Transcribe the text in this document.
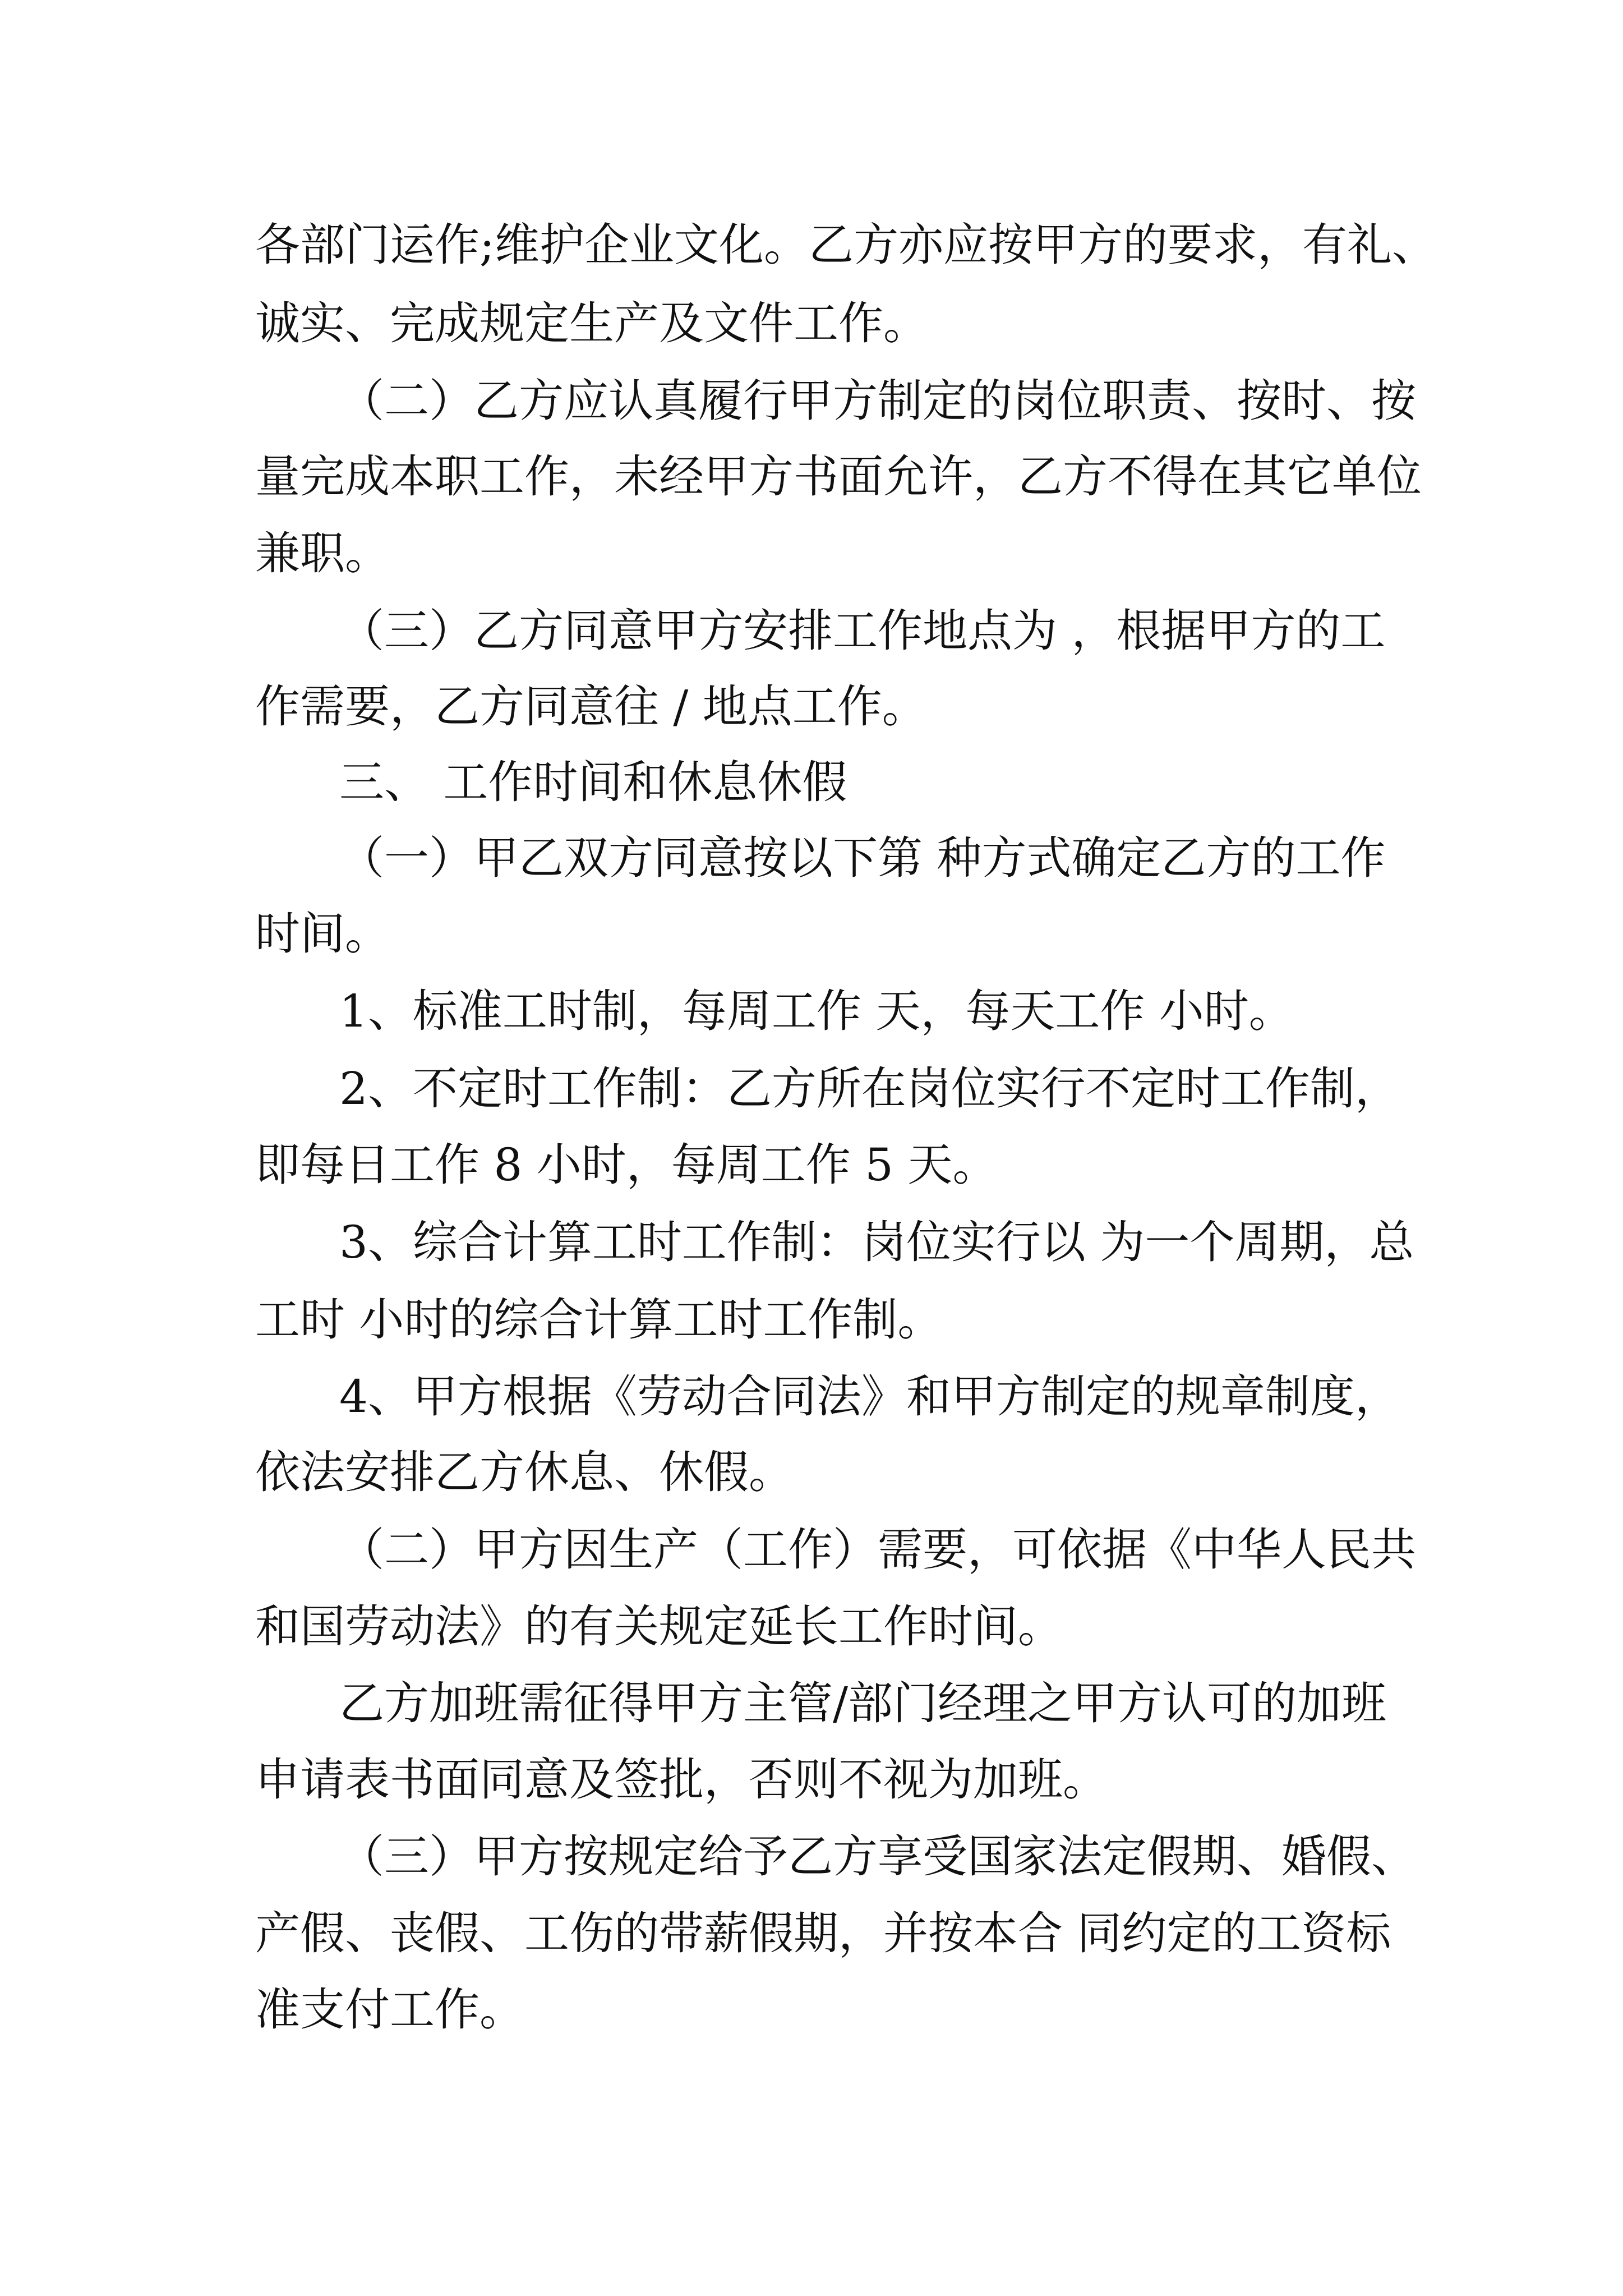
各部门运作;维护企业文化。乙方亦应按甲方的要求，有礼、

诚实、完成规定生产及文件工作。

（二）乙方应认真履行甲方制定的岗位职责、按时、按

量完成本职工作，未经甲方书面允许，乙方不得在其它单位

兼职。

（三）乙方同意甲方安排工作地点为 ，根据甲方的工

作需要，乙方同意往 / 地点工作。

三、 工作时间和休息休假

（一）甲乙双方同意按以下第 种方式确定乙方的工作

时间。

1、标准工时制，每周工作 天，每天工作 小时。

2、不定时工作制：乙方所在岗位实行不定时工作制，

即每日工作 8 小时，每周工作 5 天。

3、综合计算工时工作制：岗位实行以 为一个周期，总

工时 小时的综合计算工时工作制。

4、甲方根据《劳动合同法》和甲方制定的规章制度，

依法安排乙方休息、休假。

（二）甲方因生产（工作）需要，可依据《中华人民共

和国劳动法》的有关规定延长工作时间。

乙方加班需征得甲方主管/部门经理之甲方认可的加班

申请表书面同意及签批，否则不视为加班。

（三）甲方按规定给予乙方享受国家法定假期、婚假、

产假、丧假、工伤的带薪假期，并按本合 同约定的工资标

准支付工作。
